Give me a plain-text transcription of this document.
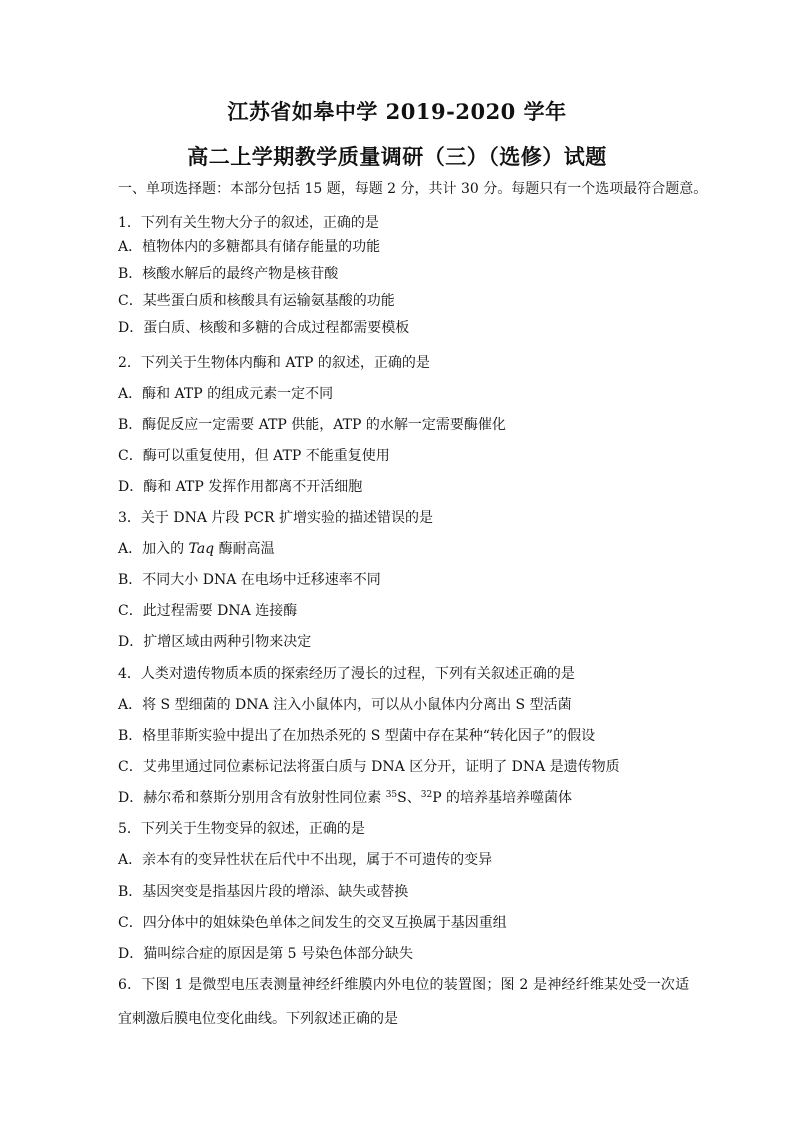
江苏省如皋中学 2019-2020 学年
高二上学期教学质量调研（三）（选修）试题
一、单项选择题：本部分包括 15 题，每题 2 分，共计 30 分。每题只有一个选项最符合题意。
1．下列有关生物大分子的叙述，正确的是
A．植物体内的多糖都具有储存能量的功能
B．核酸水解后的最终产物是核苷酸
C．某些蛋白质和核酸具有运输氨基酸的功能
D．蛋白质、核酸和多糖的合成过程都需要模板
2．下列关于生物体内酶和 ATP 的叙述，正确的是
A．酶和 ATP 的组成元素一定不同
B．酶促反应一定需要 ATP 供能，ATP 的水解一定需要酶催化
C．酶可以重复使用，但 ATP 不能重复使用
D．酶和 ATP 发挥作用都离不开活细胞
3．关于 DNA 片段 PCR 扩增实验的描述错误的是
A．加入的 Taq 酶耐高温
B．不同大小 DNA 在电场中迁移速率不同
C．此过程需要 DNA 连接酶
D．扩增区域由两种引物来决定
4．人类对遗传物质本质的探索经历了漫长的过程，下列有关叙述正确的是
A．将 S 型细菌的 DNA 注入小鼠体内，可以从小鼠体内分离出 S 型活菌
B．格里菲斯实验中提出了在加热杀死的 S 型菌中存在某种“转化因子”的假设
C．艾弗里通过同位素标记法将蛋白质与 DNA 区分开，证明了 DNA 是遗传物质
D．赫尔希和蔡斯分别用含有放射性同位素 $^{35}$S、$^{32}$P 的培养基培养噬菌体
5．下列关于生物变异的叙述，正确的是
A．亲本有的变异性状在后代中不出现，属于不可遗传的变异
B．基因突变是指基因片段的增添、缺失或替换
C．四分体中的姐妹染色单体之间发生的交叉互换属于基因重组
D．猫叫综合症的原因是第 5 号染色体部分缺失
6．下图 1 是微型电压表测量神经纤维膜内外电位的装置图；图 2 是神经纤维某处受一次适
宜刺激后膜电位变化曲线。下列叙述正确的是
